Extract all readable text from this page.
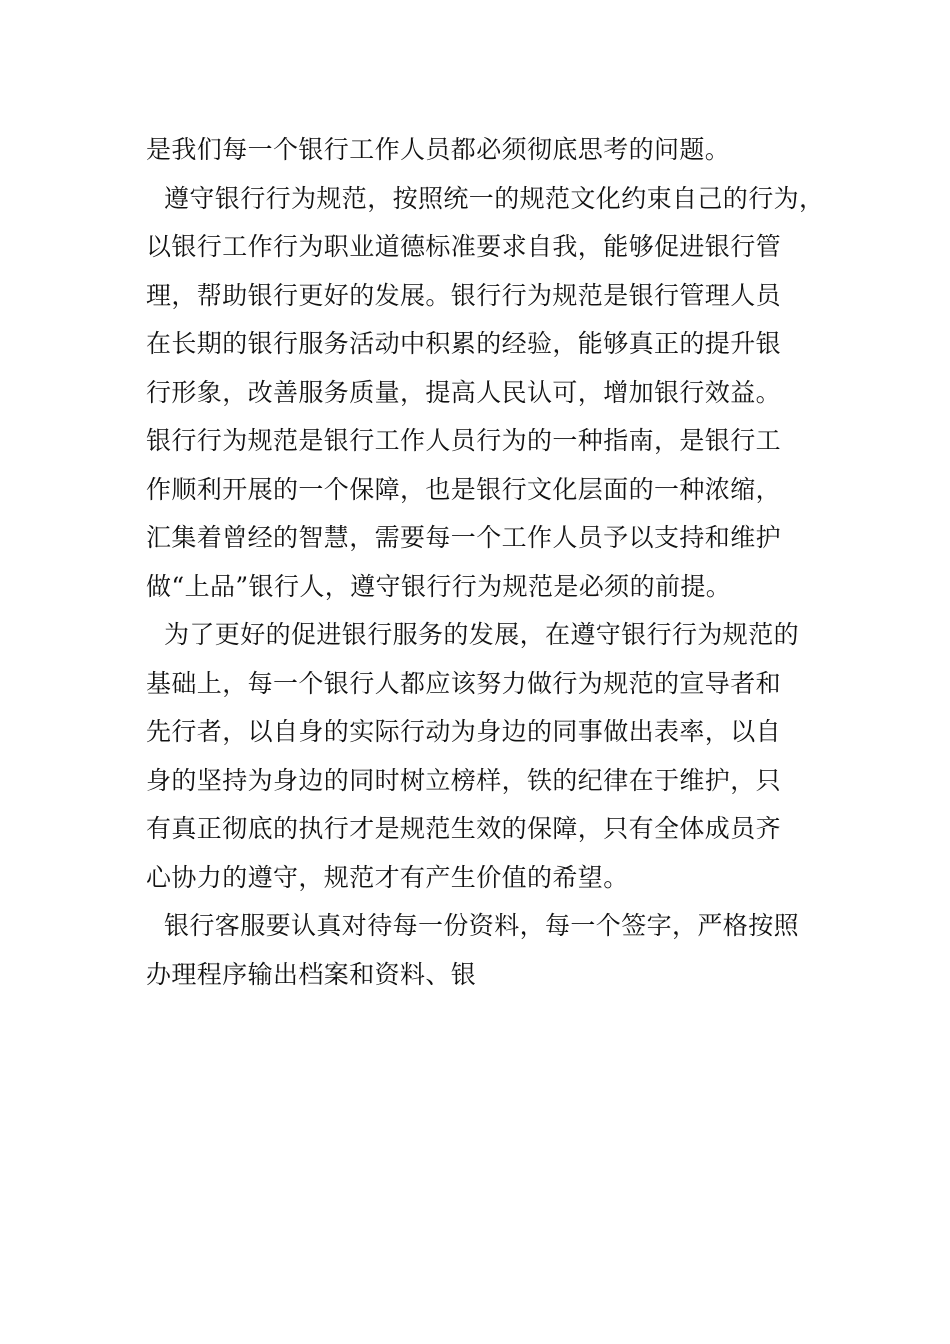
是我们每一个银行工作人员都必须彻底思考的问题。
遵守银行行为规范，按照统一的规范文化约束自己的行为，
以银行工作行为职业道德标准要求自我，能够促进银行管
理，帮助银行更好的发展。银行行为规范是银行管理人员
在长期的银行服务活动中积累的经验，能够真正的提升银
行形象，改善服务质量，提高人民认可，增加银行效益。
银行行为规范是银行工作人员行为的一种指南，是银行工
作顺利开展的一个保障，也是银行文化层面的一种浓缩，
汇集着曾经的智慧，需要每一个工作人员予以支持和维护
做“上品”银行人，遵守银行行为规范是必须的前提。
为了更好的促进银行服务的发展，在遵守银行行为规范的
基础上，每一个银行人都应该努力做行为规范的宣导者和
先行者，以自身的实际行动为身边的同事做出表率，以自
身的坚持为身边的同时树立榜样，铁的纪律在于维护，只
有真正彻底的执行才是规范生效的保障，只有全体成员齐
心协力的遵守，规范才有产生价值的希望。
银行客服要认真对待每一份资料，每一个签字，严格按照
办理程序输出档案和资料、银
